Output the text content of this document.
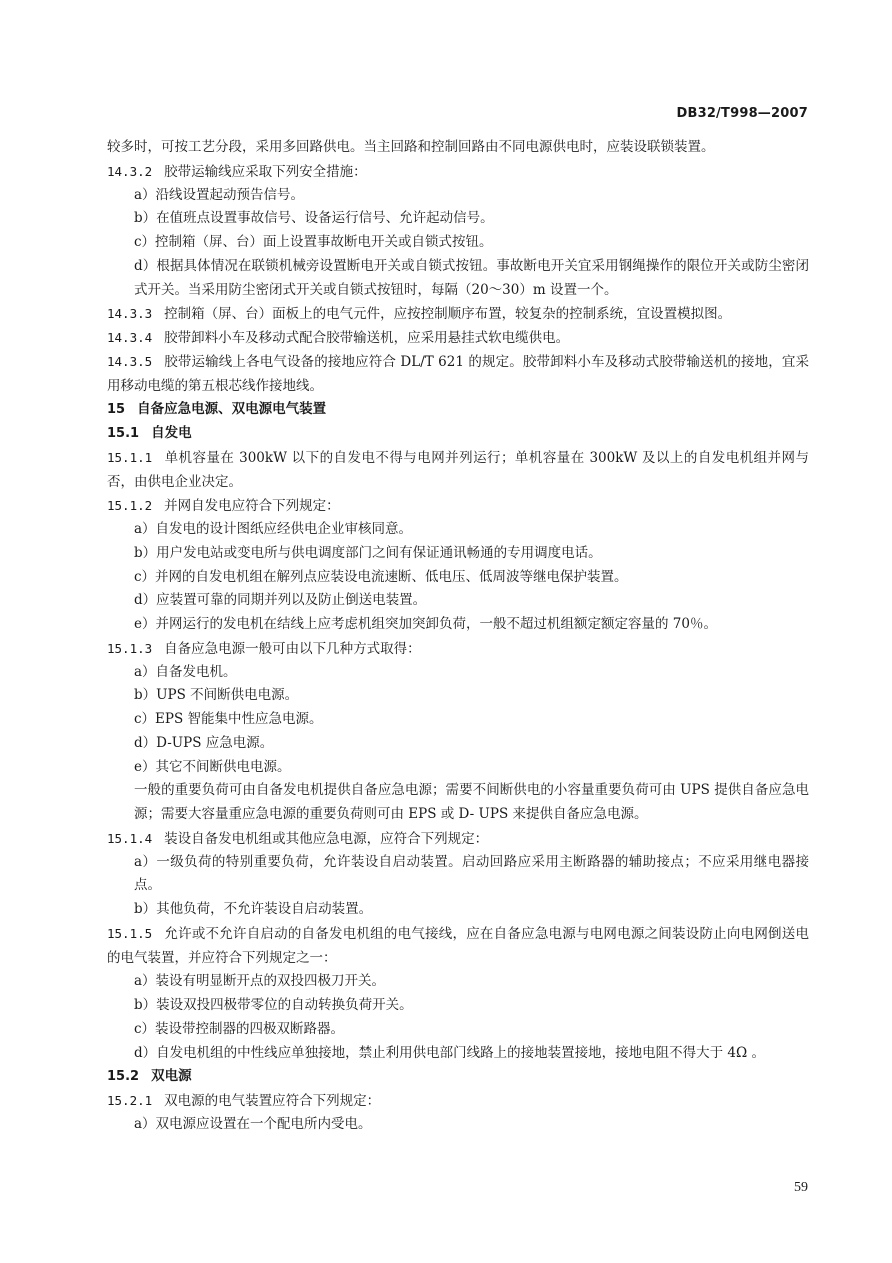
DB32/T998—2007
较多时，可按工艺分段，采用多回路供电。当主回路和控制回路由不同电源供电时，应装设联锁装置。
14.3.2 胶带运输线应采取下列安全措施：
a）沿线设置起动预告信号。
b）在值班点设置事故信号、设备运行信号、允许起动信号。
c）控制箱（屏、台）面上设置事故断电开关或自锁式按钮。
d）根据具体情况在联锁机械旁设置断电开关或自锁式按钮。事故断电开关宜采用钢绳操作的限位开关或防尘密闭式开关。当采用防尘密闭式开关或自锁式按钮时，每隔（20～30）m 设置一个。
14.3.3 控制箱（屏、台）面板上的电气元件，应按控制顺序布置，较复杂的控制系统，宜设置模拟图。
14.3.4 胶带卸料小车及移动式配合胶带输送机，应采用悬挂式软电缆供电。
14.3.5 胶带运输线上各电气设备的接地应符合 DL/T 621 的规定。胶带卸料小车及移动式胶带输送机的接地，宜采用移动电缆的第五根芯线作接地线。
15 自备应急电源、双电源电气装置
15.1 自发电
15.1.1 单机容量在 300kW 以下的自发电不得与电网并列运行；单机容量在 300kW 及以上的自发电机组并网与否，由供电企业决定。
15.1.2 并网自发电应符合下列规定：
a）自发电的设计图纸应经供电企业审核同意。
b）用户发电站或变电所与供电调度部门之间有保证通讯畅通的专用调度电话。
c）并网的自发电机组在解列点应装设电流速断、低电压、低周波等继电保护装置。
d）应装置可靠的同期并列以及防止倒送电装置。
e）并网运行的发电机在结线上应考虑机组突加突卸负荷，一般不超过机组额定额定容量的 70％。
15.1.3 自备应急电源一般可由以下几种方式取得：
a）自备发电机。
b）UPS 不间断供电电源。
c）EPS 智能集中性应急电源。
d）D-UPS 应急电源。
e）其它不间断供电电源。
一般的重要负荷可由自备发电机提供自备应急电源；需要不间断供电的小容量重要负荷可由 UPS 提供自备应急电源；需要大容量重应急电源的重要负荷则可由 EPS 或 D- UPS 来提供自备应急电源。
15.1.4 装设自备发电机组或其他应急电源，应符合下列规定：
a）一级负荷的特别重要负荷，允许装设自启动装置。启动回路应采用主断路器的辅助接点；不应采用继电器接点。
b）其他负荷，不允许装设自启动装置。
15.1.5 允许或不允许自启动的自备发电机组的电气接线，应在自备应急电源与电网电源之间装设防止向电网倒送电的电气装置，并应符合下列规定之一：
a）装设有明显断开点的双投四极刀开关。
b）装设双投四极带零位的自动转换负荷开关。
c）装设带控制器的四极双断路器。
d）自发电机组的中性线应单独接地，禁止利用供电部门线路上的接地装置接地，接地电阻不得大于 4Ω 。
15.2 双电源
15.2.1 双电源的电气装置应符合下列规定：
a）双电源应设置在一个配电所内受电。
59
